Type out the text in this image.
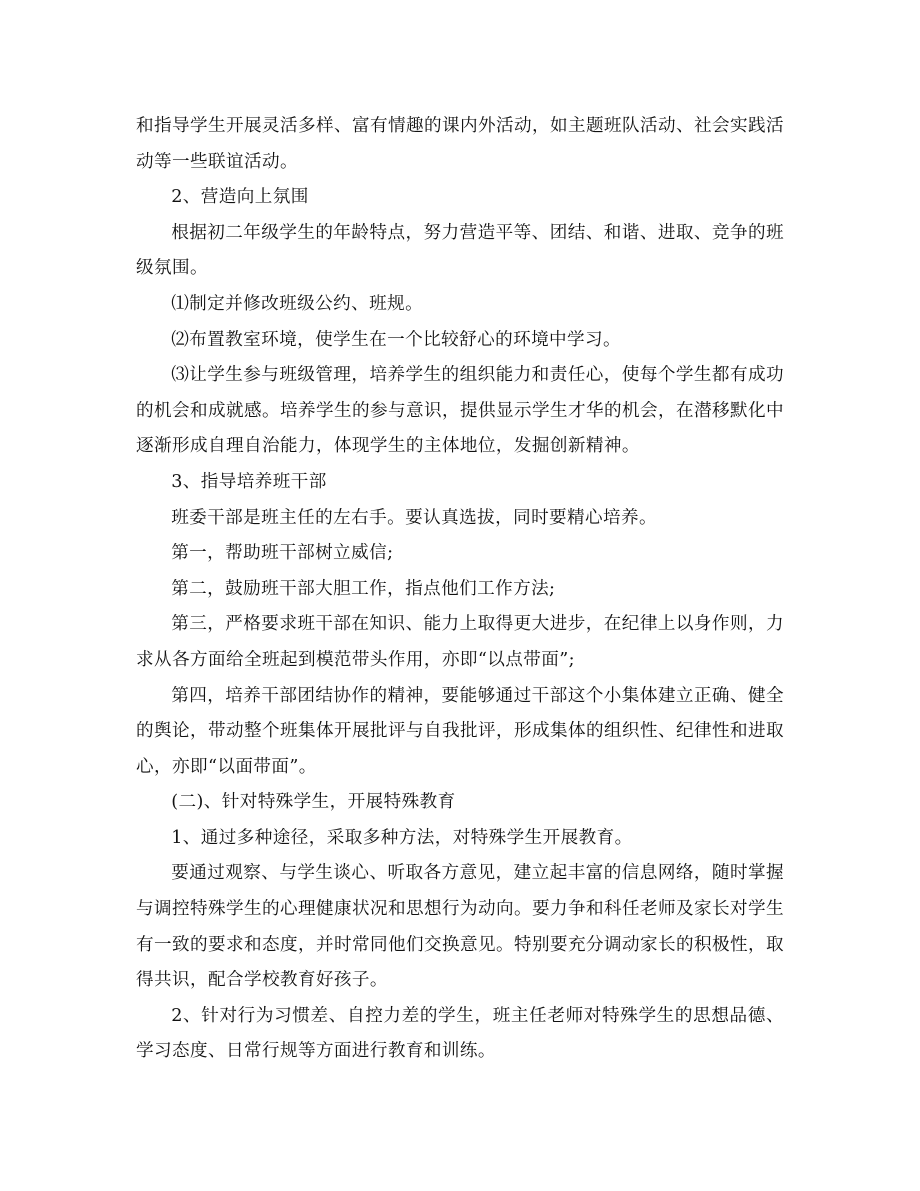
和指导学生开展灵活多样、富有情趣的课内外活动，如主题班队活动、社会实践活动等一些联谊活动。

2、营造向上氛围

根据初二年级学生的年龄特点，努力营造平等、团结、和谐、进取、竞争的班级氛围。

⑴制定并修改班级公约、班规。

⑵布置教室环境，使学生在一个比较舒心的环境中学习。

⑶让学生参与班级管理，培养学生的组织能力和责任心，使每个学生都有成功的机会和成就感。培养学生的参与意识，提供显示学生才华的机会，在潜移默化中逐渐形成自理自治能力，体现学生的主体地位，发掘创新精神。

3、指导培养班干部

班委干部是班主任的左右手。要认真选拔，同时要精心培养。

第一，帮助班干部树立威信;

第二，鼓励班干部大胆工作，指点他们工作方法;

第三，严格要求班干部在知识、能力上取得更大进步，在纪律上以身作则，力求从各方面给全班起到模范带头作用，亦即“以点带面”;

第四，培养干部团结协作的精神，要能够通过干部这个小集体建立正确、健全的舆论，带动整个班集体开展批评与自我批评，形成集体的组织性、纪律性和进取心，亦即“以面带面”。

(二)、针对特殊学生，开展特殊教育

1、通过多种途径，采取多种方法，对特殊学生开展教育。

要通过观察、与学生谈心、听取各方意见，建立起丰富的信息网络，随时掌握与调控特殊学生的心理健康状况和思想行为动向。要力争和科任老师及家长对学生有一致的要求和态度，并时常同他们交换意见。特别要充分调动家长的积极性，取得共识，配合学校教育好孩子。

2、针对行为习惯差、自控力差的学生，班主任老师对特殊学生的思想品德、学习态度、日常行规等方面进行教育和训练。
